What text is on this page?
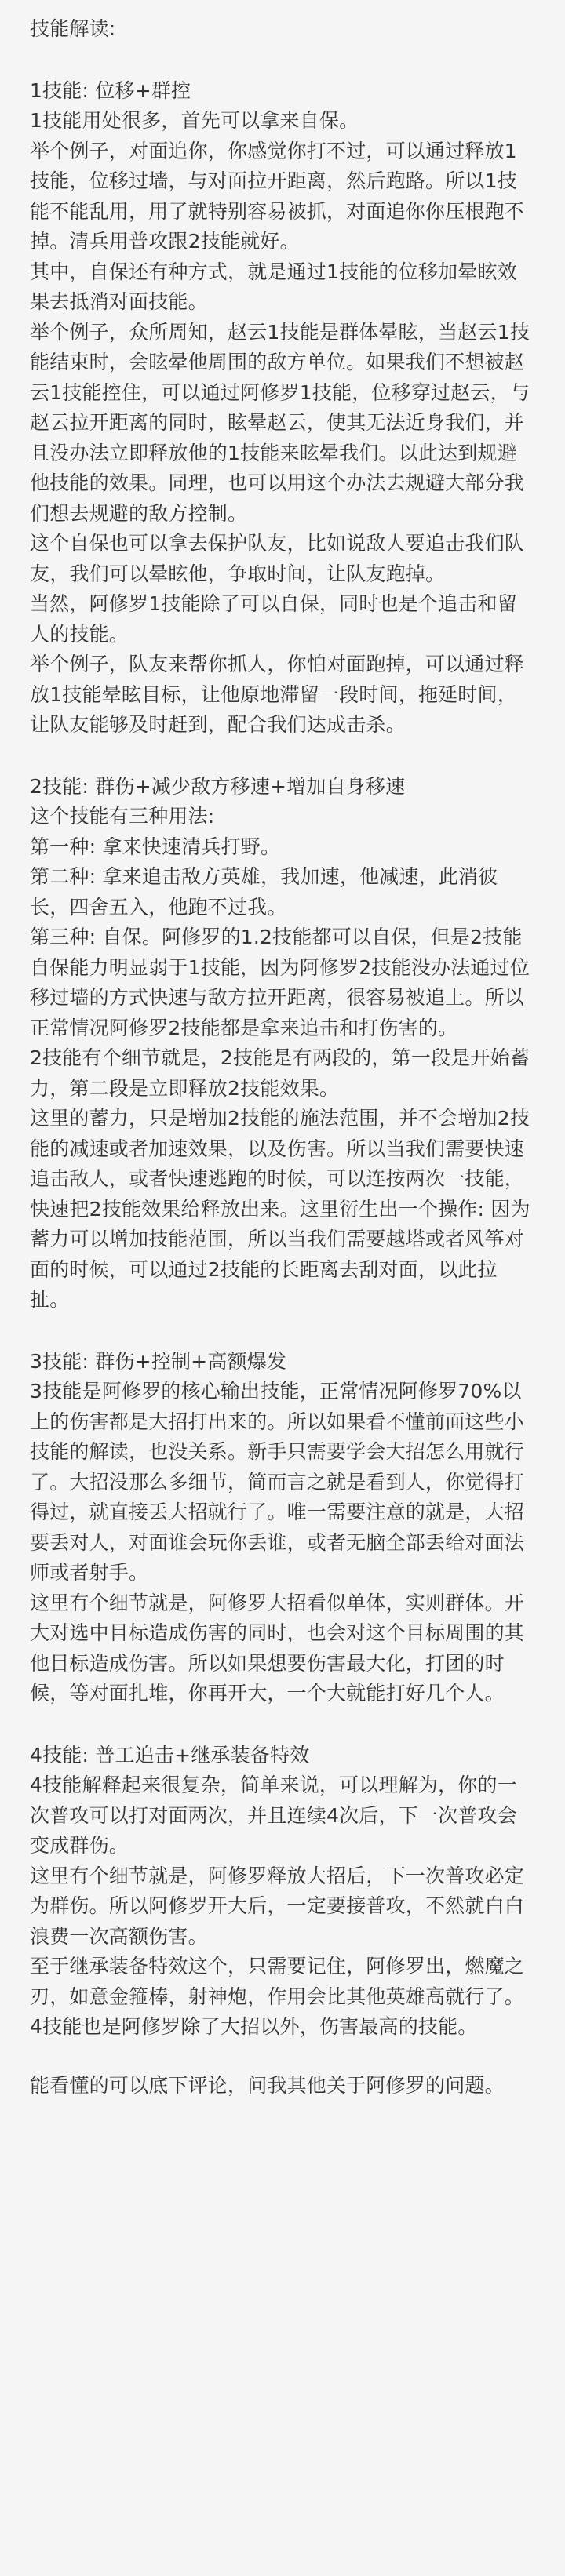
技能解读:

1技能: 位移+群控

1技能用处很多，首先可以拿来自保。

举个例子，对面追你，你感觉你打不过，可以通过释放1技能，位移过墙，与对面拉开距离，然后跑路。所以1技能不能乱用，用了就特别容易被抓，对面追你你压根跑不掉。清兵用普攻跟2技能就好。

其中，自保还有种方式，就是通过1技能的位移加晕眩效果去抵消对面技能。

举个例子，众所周知，赵云1技能是群体晕眩，当赵云1技能结束时，会眩晕他周围的敌方单位。如果我们不想被赵云1技能控住，可以通过阿修罗1技能，位移穿过赵云，与赵云拉开距离的同时，眩晕赵云，使其无法近身我们，并且没办法立即释放他的1技能来眩晕我们。以此达到规避他技能的效果。同理，也可以用这个办法去规避大部分我们想去规避的敌方控制。

这个自保也可以拿去保护队友，比如说敌人要追击我们队友，我们可以晕眩他，争取时间，让队友跑掉。

当然，阿修罗1技能除了可以自保，同时也是个追击和留人的技能。

举个例子，队友来帮你抓人，你怕对面跑掉，可以通过释放1技能晕眩目标，让他原地滞留一段时间，拖延时间，让队友能够及时赶到，配合我们达成击杀。

2技能: 群伤+减少敌方移速+增加自身移速

这个技能有三种用法:

第一种: 拿来快速清兵打野。

第二种: 拿来追击敌方英雄，我加速，他减速，此消彼长，四舍五入，他跑不过我。

第三种: 自保。阿修罗的1.2技能都可以自保，但是2技能自保能力明显弱于1技能，因为阿修罗2技能没办法通过位移过墙的方式快速与敌方拉开距离，很容易被追上。所以正常情况阿修罗2技能都是拿来追击和打伤害的。

2技能有个细节就是，2技能是有两段的，第一段是开始蓄力，第二段是立即释放2技能效果。

这里的蓄力，只是增加2技能的施法范围，并不会增加2技能的减速或者加速效果，以及伤害。所以当我们需要快速追击敌人，或者快速逃跑的时候，可以连按两次一技能，快速把2技能效果给释放出来。这里衍生出一个操作: 因为蓄力可以增加技能范围，所以当我们需要越塔或者风筝对面的时候，可以通过2技能的长距离去刮对面，以此拉扯。

3技能: 群伤+控制+高额爆发

3技能是阿修罗的核心输出技能，正常情况阿修罗70%以上的伤害都是大招打出来的。所以如果看不懂前面这些小技能的解读，也没关系。新手只需要学会大招怎么用就行了。大招没那么多细节，简而言之就是看到人，你觉得打得过，就直接丢大招就行了。唯一需要注意的就是，大招要丢对人，对面谁会玩你丢谁，或者无脑全部丢给对面法师或者射手。

这里有个细节就是，阿修罗大招看似单体，实则群体。开大对选中目标造成伤害的同时，也会对这个目标周围的其他目标造成伤害。所以如果想要伤害最大化，打团的时候，等对面扎堆，你再开大，一个大就能打好几个人。

4技能: 普工追击+继承装备特效

4技能解释起来很复杂，简单来说，可以理解为，你的一次普攻可以打对面两次，并且连续4次后，下一次普攻会变成群伤。

这里有个细节就是，阿修罗释放大招后，下一次普攻必定为群伤。所以阿修罗开大后，一定要接普攻，不然就白白浪费一次高额伤害。

至于继承装备特效这个，只需要记住，阿修罗出，燃魔之刃，如意金箍棒，射神炮，作用会比其他英雄高就行了。

4技能也是阿修罗除了大招以外，伤害最高的技能。

能看懂的可以底下评论，问我其他关于阿修罗的问题。
